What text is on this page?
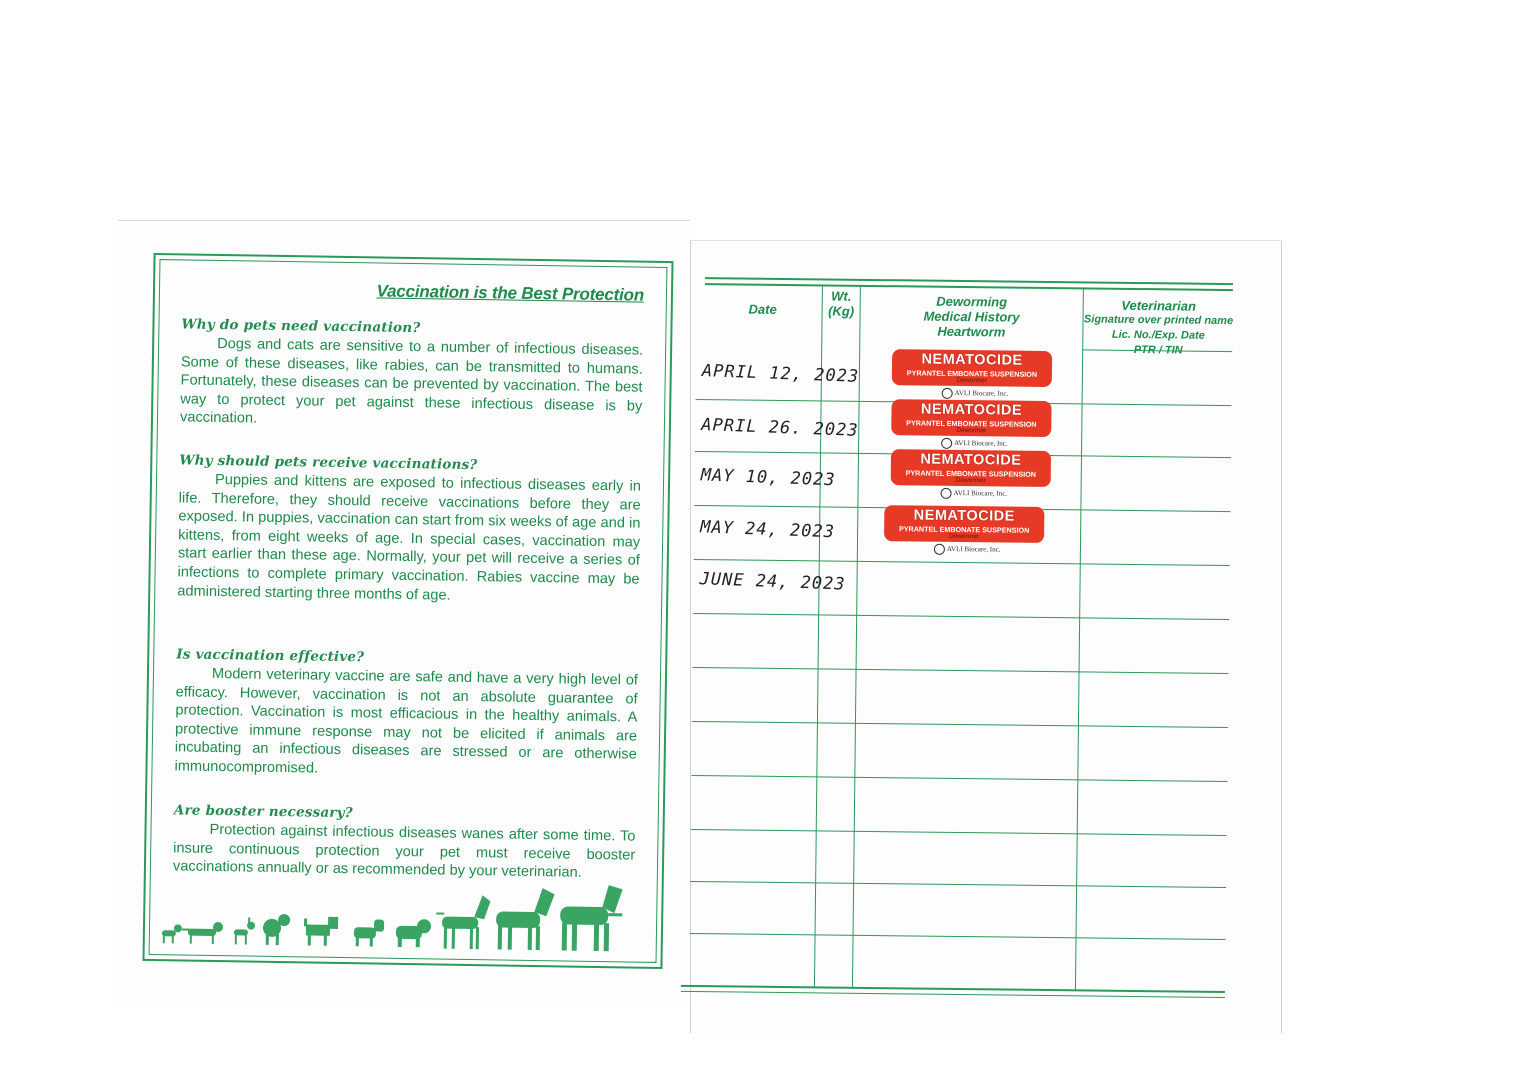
Vaccination is the Best Protection
Why do pets need vaccination?

Dogs and cats are sensitive to a number of infectious diseases. Some of these diseases, like rabies, can be transmitted to humans. Fortunately, these diseases can be prevented by vaccination. The best way to protect your pet against these infectious disease is by vaccination.

Why should pets receive vaccinations?

Puppies and kittens are exposed to infectious diseases early in life. Therefore, they should receive vaccinations before they are exposed. In puppies, vaccination can start from six weeks of age and in kittens, from eight weeks of age. In special cases, vaccination may start earlier than these age. Normally, your pet will receive a series of infections to complete primary vaccination. Rabies vaccine may be administered starting three months of age.

Is vaccination effective?

Modern veterinary vaccine are safe and have a very high level of efficacy. However, vaccination is not an absolute guarantee of protection. Vaccination is most efficacious in the healthy animals. A protective immune response may not be elicited if animals are incubating an infectious diseases are stressed or are otherwise immunocompromised.

Are booster necessary?

Protection against infectious diseases wanes after some time. To insure continuous protection your pet must receive booster vaccinations annually or as recommended by your veterinarian.

Date
Wt.
(Kg)
Deworming
Medical History
Heartworm
Veterinarian
Signature over printed name
Lic. No./Exp. Date
PTR / TIN
APRIL 12, 2023
APRIL 26. 2023
MAY 10, 2023
MAY 24, 2023
JUNE 24, 2023
NEMATOCIDE
PYRANTEL EMBONATE SUSPENSION
Dewormer
AVLI Biocare, Inc.
NEMATOCIDE
PYRANTEL EMBONATE SUSPENSION
Dewormer
AVLI Biocare, Inc.
NEMATOCIDE
PYRANTEL EMBONATE SUSPENSION
Dewormer
AVLI Biocare, Inc.
NEMATOCIDE
PYRANTEL EMBONATE SUSPENSION
Dewormer
AVLI Biocare, Inc.
